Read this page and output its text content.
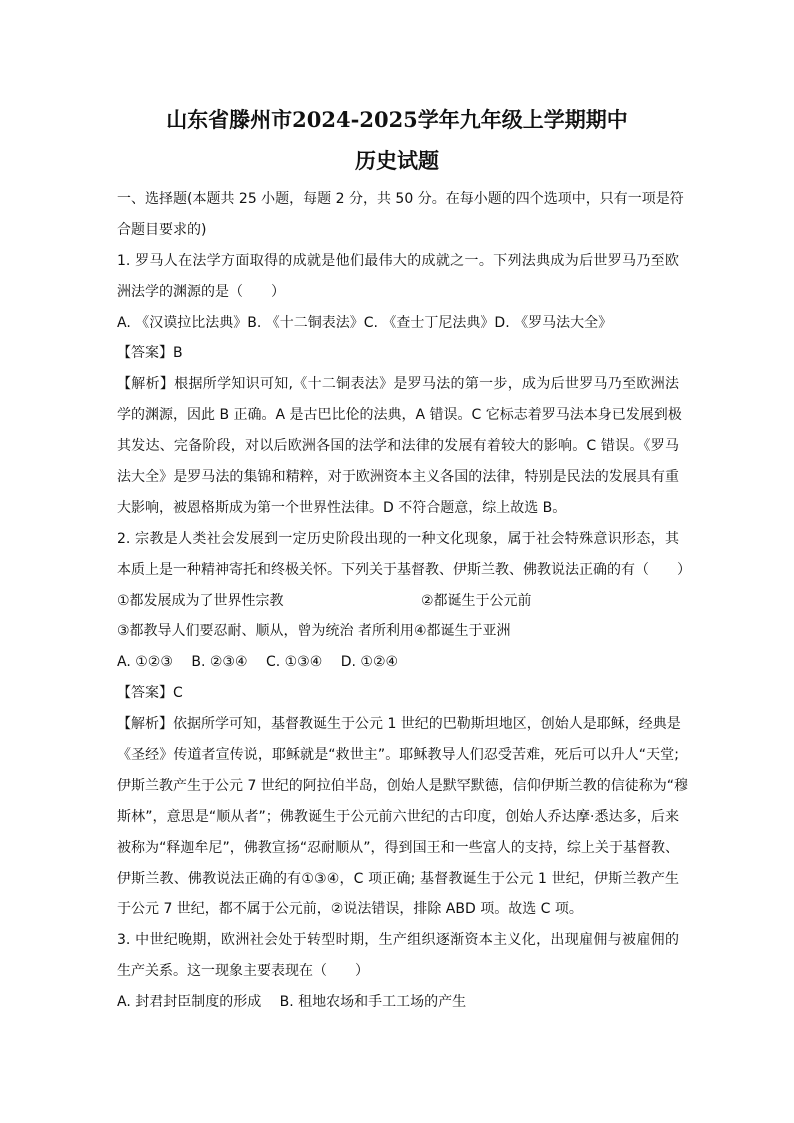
山东省滕州市2024-2025学年九年级上学期期中
历史试题
一、选择题(本题共 25 小题，每题 2 分，共 50 分。在每小题的四个选项中，只有一项是符
合题目要求的)
1. 罗马人在法学方面取得的成就是他们最伟大的成就之一。下列法典成为后世罗马乃至欧
洲法学的渊源的是（　　）
A. 《汉谟拉比法典》B. 《十二铜表法》C. 《查士丁尼法典》D. 《罗马法大全》
【答案】B
【解析】根据所学知识可知,《十二铜表法》是罗马法的第一步，成为后世罗马乃至欧洲法
学的渊源，因此 B 正确。A 是古巴比伦的法典，A 错误。C 它标志着罗马法本身已发展到极
其发达、完备阶段，对以后欧洲各国的法学和法律的发展有着较大的影响。C 错误。《罗马
法大全》是罗马法的集锦和精粹，对于欧洲资本主义各国的法律，特别是民法的发展具有重
大影响，被恩格斯成为第一个世界性法律。D 不符合题意，综上故选 B。
2. 宗教是人类社会发展到一定历史阶段出现的一种文化现象，属于社会特殊意识形态，其
本质上是一种精神寄托和终极关怀。下列关于基督教、伊斯兰教、佛教说法正确的有（　　）
①都发展成为了世界性宗教	②都诞生于公元前
③都教导人们要忍耐、顺从，曾为统治 者所利用④都诞生于亚洲
A. ①②③　 B. ②③④　 C. ①③④　 D. ①②④
【答案】C
【解析】依据所学可知，基督教诞生于公元 1 世纪的巴勒斯坦地区，创始人是耶稣，经典是
《圣经》传道者宣传说，耶稣就是“救世主”。耶稣教导人们忍受苦难，死后可以升人“天堂;
伊斯兰教产生于公元 7 世纪的阿拉伯半岛，创始人是默罕默德，信仰伊斯兰教的信徒称为“穆
斯林”，意思是“顺从者”；佛教诞生于公元前六世纪的古印度，创始人乔达摩·悉达多，后来
被称为“释迦牟尼”，佛教宣扬“忍耐顺从”，得到国王和一些富人的支持，综上关于基督教、
伊斯兰教、佛教说法正确的有①③④，C 项正确; 基督教诞生于公元 1 世纪，伊斯兰教产生
于公元 7 世纪，都不属于公元前，②说法错误，排除 ABD 项。故选 C 项。
3. 中世纪晚期，欧洲社会处于转型时期，生产组织逐渐资本主义化，出现雇佣与被雇佣的
生产关系。这一现象主要表现在（　　）
A. 封君封臣制度的形成　 B. 租地农场和手工工场的产生
